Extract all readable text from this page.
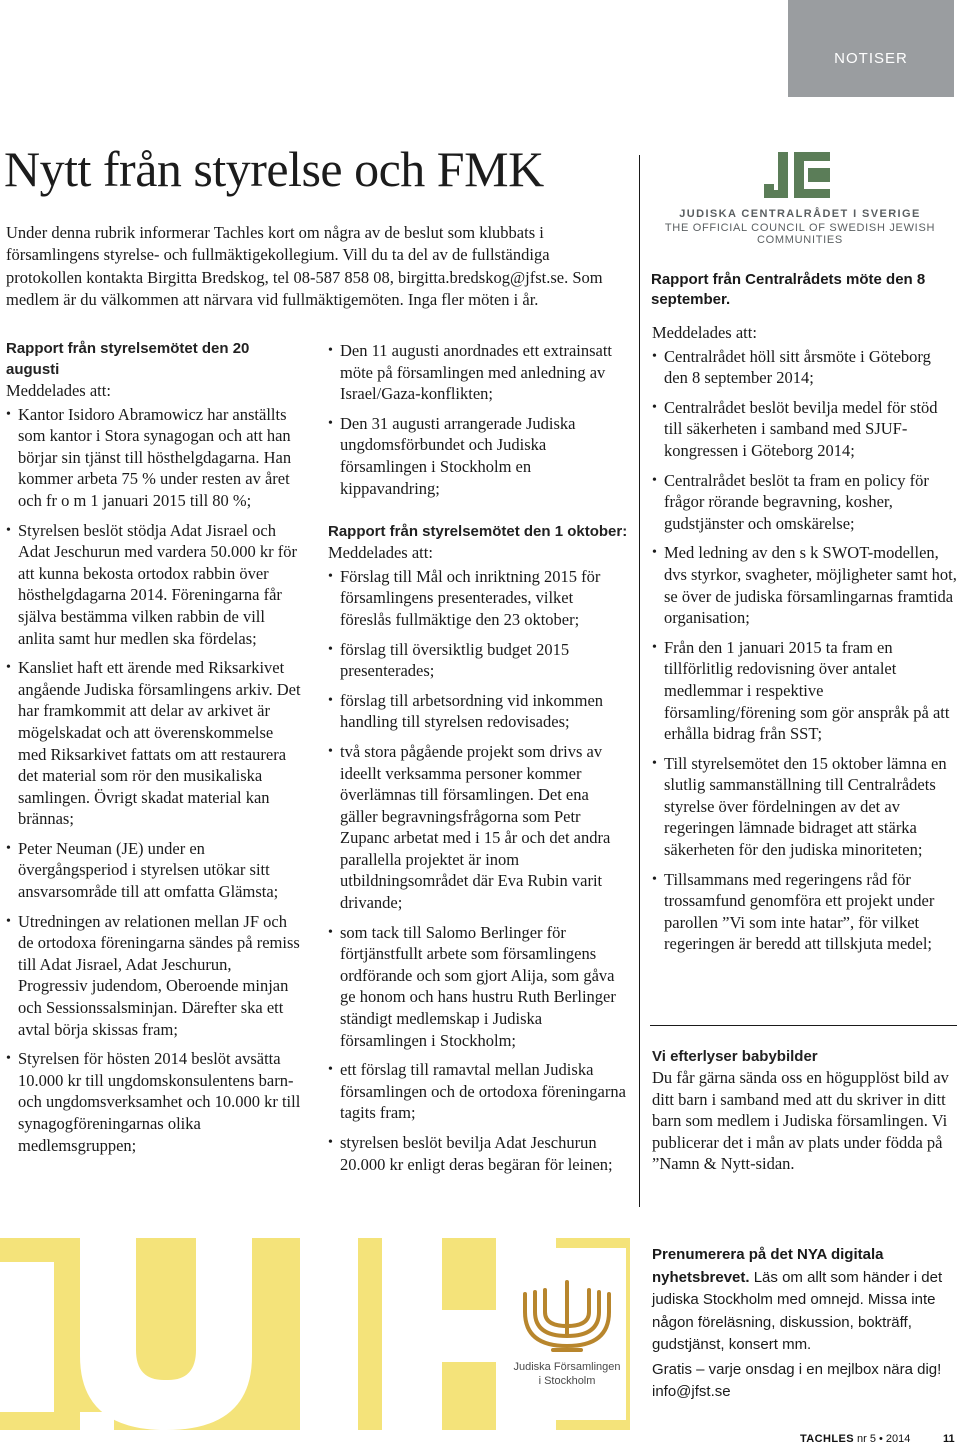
NOTISER
Nytt från styrelse och FMK

Under denna rubrik informerar Tachles kort om några av de beslut som klubbats i församlingens styrelse- och fullmäktigekollegium. Vill du ta del av de fullständiga protokollen kontakta Birgitta Bredskog, tel 08-587 858 08, birgitta.bredskog@jfst.se. Som medlem är du välkommen att närvara vid fullmäktigemöten. Inga fler möten i år.

Rapport från styrelsemötet den 20 augusti

Meddelades att:

• Kantor Isidoro Abramowicz har anställts som kantor i Stora synagogan och att han börjar sin tjänst till hösthelgdagarna. Han kommer arbeta 75 % under resten av året och fr o m 1 januari 2015 till 80 %;
• Styrelsen beslöt stödja Adat Jisrael och Adat Jeschurun med vardera 50.000 kr för att kunna bekosta ortodox rabbin över hösthelgdagarna 2014. Föreningarna får själva bestämma vilken rabbin de vill anlita samt hur medlen ska fördelas;
• Kansliet haft ett ärende med Riksarkivet angående Judiska församlingens arkiv. Det har framkommit att delar av arkivet är mögelskadat och att överenskommelse med Riksarkivet fattats om att restaurera det material som rör den musikaliska samlingen. Övrigt skadat material kan brännas;
• Peter Neuman (JE) under en övergångsperiod i styrelsen utökar sitt ansvarsområde till att omfatta Glämsta;
• Utredningen av relationen mellan JF och de ortodoxa föreningarna sändes på remiss till Adat Jisrael, Adat Jeschurun, Progressiv judendom, Oberoende minjan och Sessionssalsminjan. Därefter ska ett avtal börja skissas fram;
• Styrelsen för hösten 2014 beslöt avsätta 10.000 kr till ungdomskonsulentens barn- och ungdomsverksamhet och 10.000 kr till synagogföreningarnas olika medlemsgruppen;
• Den 11 augusti anordnades ett extrainsatt möte på församlingen med anledning av Israel/Gaza-konflikten;
• Den 31 augusti arrangerade Judiska ungdomsförbundet och Judiska församlingen i Stockholm en kippavandring;

Rapport från styrelsemötet den 1 oktober:

Meddelades att:

• Förslag till Mål och inriktning 2015 för församlingens presenterades, vilket föreslås fullmäktige den 23 oktober;
• förslag till översiktlig budget 2015 presenterades;
• förslag till arbetsordning vid inkommen handling till styrelsen redovisades;
• två stora pågående projekt som drivs av ideellt verksamma personer kommer överlämnas till församlingen. Det ena gäller begravningsfrågorna som Petr Zupanc arbetat med i 15 år och det andra parallella projektet är inom utbildningsområdet där Eva Rubin varit drivande;
• som tack till Salomo Berlinger för förtjänstfullt arbete som församlingens ordförande och som gjort Alija, som gåva ge honom och hans hustru Ruth Berlinger ständigt medlemskap i Judiska församlingen i Stockholm;
• ett förslag till ramavtal mellan Judiska församlingen och de ortodoxa föreningarna tagits fram;
• styrelsen beslöt bevilja Adat Jeschurun 20.000 kr enligt deras begäran för leinen;
JUDISKA CENTRALRÅDET I SVERIGE
THE OFFICIAL COUNCIL OF SWEDISH JEWISH COMMUNITIES
Rapport från Centralrådets möte den 8 september.

Meddelades att:

• Centralrådet höll sitt årsmöte i Göteborg den 8 september 2014;
• Centralrådet beslöt bevilja medel för stöd till säkerheten i samband med SJUF-kongressen i Göteborg 2014;
• Centralrådet beslöt ta fram en policy för frågor rörande begravning, kosher, gudstjänster och omskärelse;
• Med ledning av den s k SWOT-modellen, dvs styrkor, svagheter, möjligheter samt hot, se över de judiska församlingarnas framtida organisation;
• Från den 1 januari 2015 ta fram en tillförlitlig redovisning över antalet medlemmar i respektive församling/förening som gör anspråk på att erhålla bidrag från SST;
• Till styrelsemötet den 15 oktober lämna en slutlig sammanställning till Centralrådets styrelse över fördelningen av det av regeringen lämnade bidraget att stärka säkerheten för den judiska minoriteten;
• Tillsammans med regeringens råd för trossamfund genomföra ett projekt under parollen ”Vi som inte hatar”, för vilket regeringen är beredd att tillskjuta medel;

Vi efterlyser babybilder

Du får gärna sända oss en högupplöst bild av ditt barn i samband med att du skriver in ditt barn som medlem i Judiska församlingen. Vi publicerar det i mån av plats under födda på ”Namn & Nytt-sidan.

Judiska Församlingen
i Stockholm

Prenumerera på det NYA digitala nyhetsbrevet. Läs om allt som händer i det judiska Stockholm med omnejd. Missa inte någon föreläsning, diskussion, bokträff, gudstjänst, konsert mm.

Gratis – varje onsdag i en mejlbox nära dig! info@jfst.se

TACHLES nr 5 • 2014	11
